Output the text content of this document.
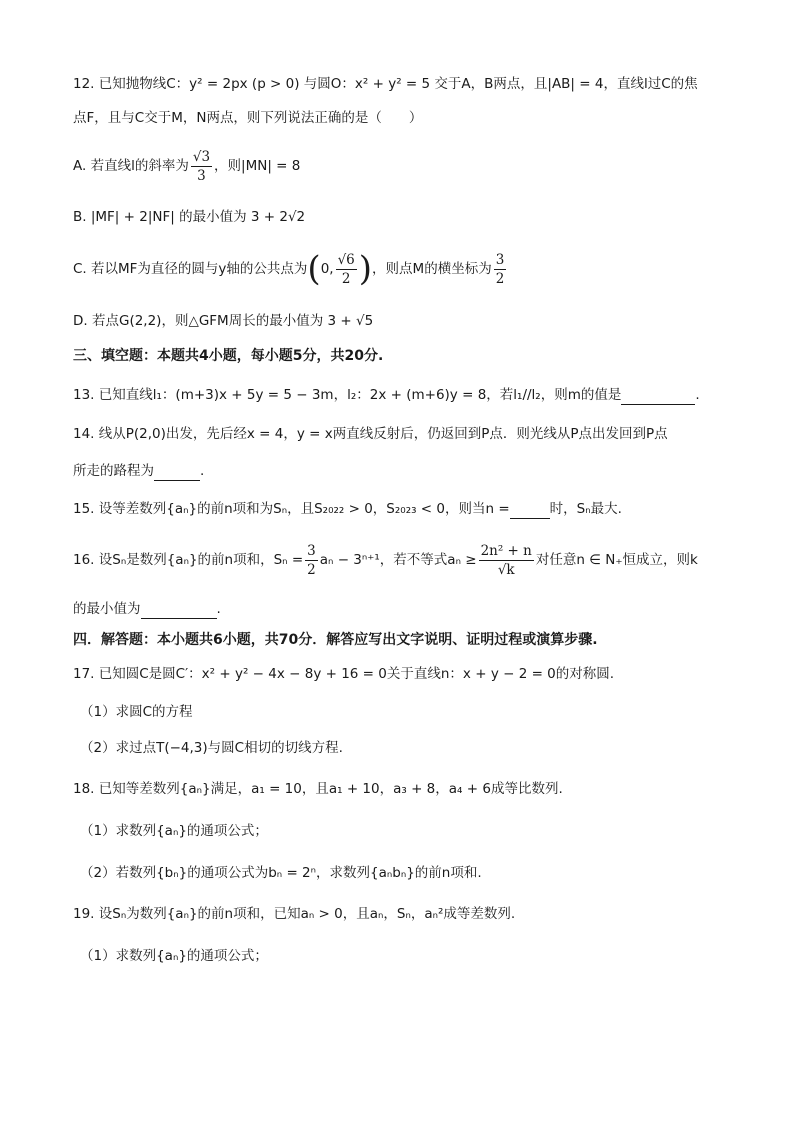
12. 已知抛物线C：y² = 2px (p > 0) 与圆O：x² + y² = 5 交于A，B两点，且|AB| = 4，直线l过C的焦
点F，且与C交于M，N两点，则下列说法正确的是（　　）
A. 若直线l的斜率为 $\frac{√3}{3}$ ，则|MN| = 8
B. |MF| + 2|NF| 的最小值为 3 + 2√2
C. 若以MF为直径的圆与y轴的公共点为(0, $\frac{√6}{2}$ )，则点M的横坐标为 $\frac{3}{2}$
D. 若点G(2,2)，则△GFM周长的最小值为 3 + √5
三、填空题：本题共4小题，每小题5分，共20分.
13. 已知直线l₁：(m+3)x + 5y = 5 − 3m，l₂：2x + (m+6)y = 8，若l₁//l₂，则m的值是	.
14. 线从P(2,0)出发，先后经x = 4，y = x两直线反射后，仍返回到P点．则光线从P点出发回到P点
所走的路程为	.
15. 设等差数列{aₙ}的前n项和为Sₙ，且S₂₀₂₂ > 0，S₂₀₂₃ < 0，则当n =	时，Sₙ最大.
16. 设Sₙ是数列{aₙ}的前n项和，$S_n = \frac{3}{2}$ aₙ − 3ⁿ⁺¹，若不等式$a_n \ge \frac{\text{2n² + n}}{√k}$ 对任意n ∈ N₊恒成立，则k
的最小值为	.
四．解答题：本小题共6小题，共70分．解答应写出文字说明、证明过程或演算步骤.
17. 已知圆C是圆C′：x² + y² − 4x − 8y + 16 = 0关于直线n：x + y − 2 = 0的对称圆.
（1）求圆C的方程
（2）求过点T(−4,3)与圆C相切的切线方程.
18. 已知等差数列{aₙ}满足，a₁ = 10，且a₁ + 10，a₃ + 8，a₄ + 6成等比数列.
（1）求数列{aₙ}的通项公式；
（2）若数列{bₙ}的通项公式为bₙ = 2ⁿ，求数列{aₙbₙ}的前n项和.
19. 设Sₙ为数列{aₙ}的前n项和，已知aₙ > 0，且aₙ，Sₙ，aₙ²成等差数列.
（1）求数列{aₙ}的通项公式；
